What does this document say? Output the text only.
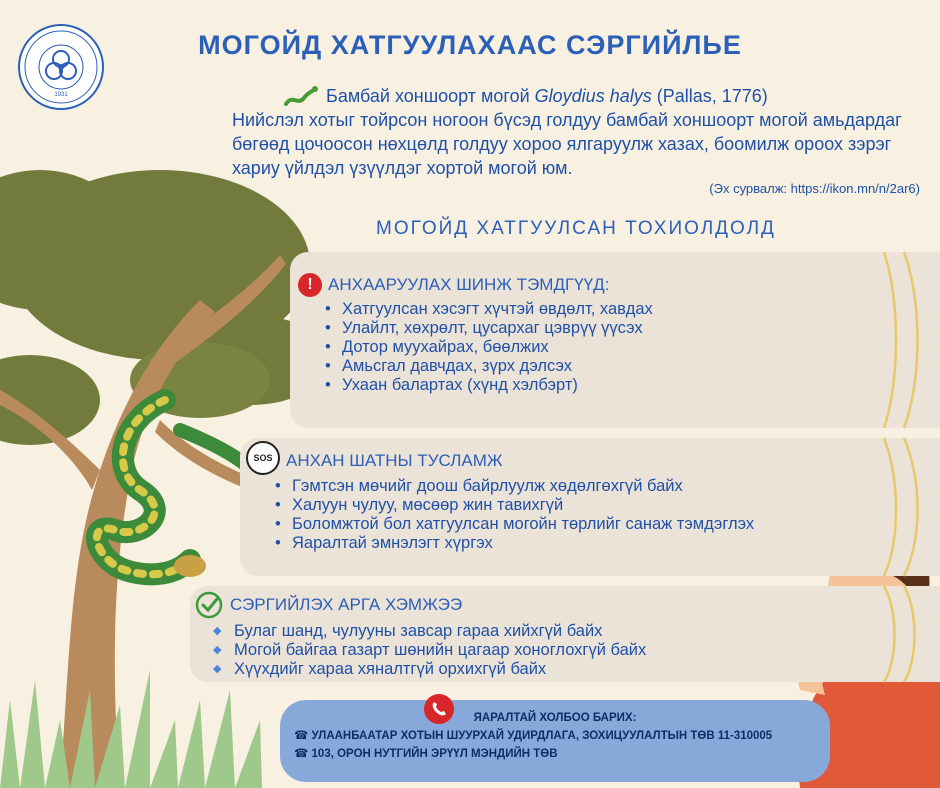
1931
МОГОЙД ХАТГУУЛАХААС СЭРГИЙЛЬЕ
Бамбай хоншоорт могой Gloydius halys (Pallas, 1776)
Нийслэл хотыг тойрсон ногоон бүсэд голдуу бамбай хоншоорт могой амьдардаг бөгөөд цочоосон нөхцөлд голдуу хороо ялгаруулж хазах, боомилж ороох зэрэг хариу үйлдэл үзүүлдэг хортой могой юм.
(Эх сурвалж: https://ikon.mn/n/2ar6)
МОГОЙД ХАТГУУЛСАН ТОХИОЛДОЛД
! АНХААРУУЛАХ ШИНЖ ТЭМДГҮҮД:
• Хатгуулсан хэсэгт хүчтэй өвдөлт, хавдах
• Улайлт, хөхрөлт, цусархаг цэврүү үүсэх
• Дотор муухайрах, бөөлжих
• Амьсгал давчдах, зүрх дэлсэх
• Ухаан балартах (хүнд хэлбэрт)
SOS АНХАН ШАТНЫ ТУСЛАМЖ
• Гэмтсэн мөчийг доош байрлуулж хөдөлгөхгүй байх
• Халуун чулуу, мөсөөр жин тавихгүй
• Боломжтой бол хатгуулсан могойн төрлийг санаж тэмдэглэх
• Яаралтай эмнэлэгт хүргэх
СЭРГИЙЛЭХ АРГА ХЭМЖЭЭ
◆ Булаг шанд, чулууны завсар гараа хийхгүй байх
◆ Могой байгаа газарт шөнийн цагаар хоноглохгүй байх
◆ Хүүхдийг хараа хяналтгүй орхихгүй байх
ЯАРАЛТАЙ ХОЛБОО БАРИХ:
☎ УЛААНБААТАР ХОТЫН ШУУРХАЙ УДИРДЛАГА, ЗОХИЦУУЛАЛТЫН ТӨВ 11-310005
☎ 103, ОРОН НУТГИЙН ЭРҮҮЛ МЭНДИЙН ТӨВ
